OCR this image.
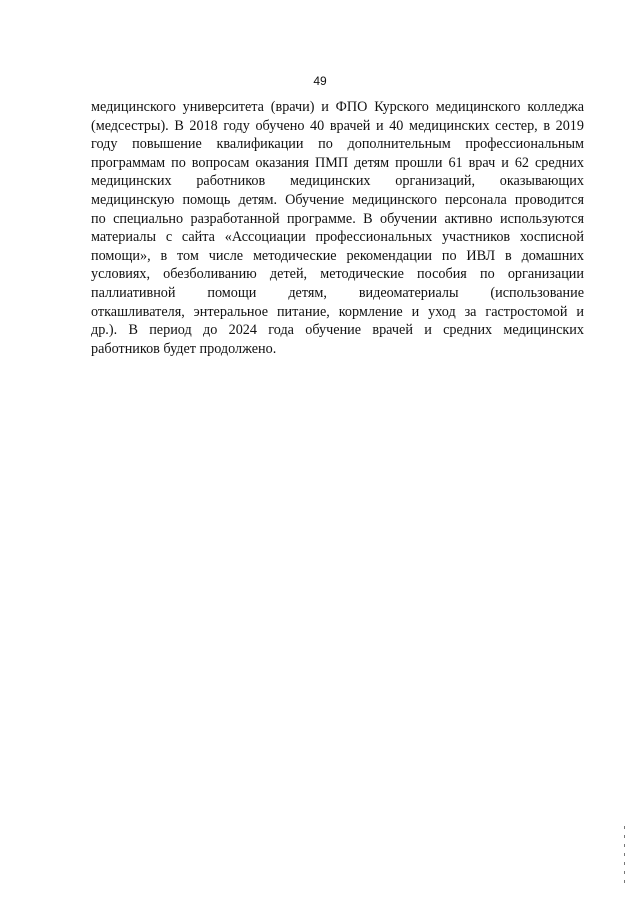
49
медицинского университета (врачи) и ФПО Курского медицинского колледжа
(медсестры). В 2018 году обучено 40 врачей и 40 медицинских сестер, в 2019
году повышение квалификации по дополнительным профессиональным
программам по вопросам оказания ПМП детям прошли 61 врач и 62 средних
медицинских работников медицинских организаций, оказывающих
медицинскую помощь детям. Обучение медицинского персонала проводится
по специально разработанной программе. В обучении активно используются
материалы с сайта «Ассоциации профессиональных участников хосписной
помощи», в том числе методические рекомендации по ИВЛ в домашних
условиях, обезболиванию детей, методические пособия по организации
паллиативной помощи детям, видеоматериалы (использование
откашливателя, энтеральное питание, кормление и уход за гастростомой и
др.). В период до 2024 года обучение врачей и средних медицинских
работников будет продолжено.
